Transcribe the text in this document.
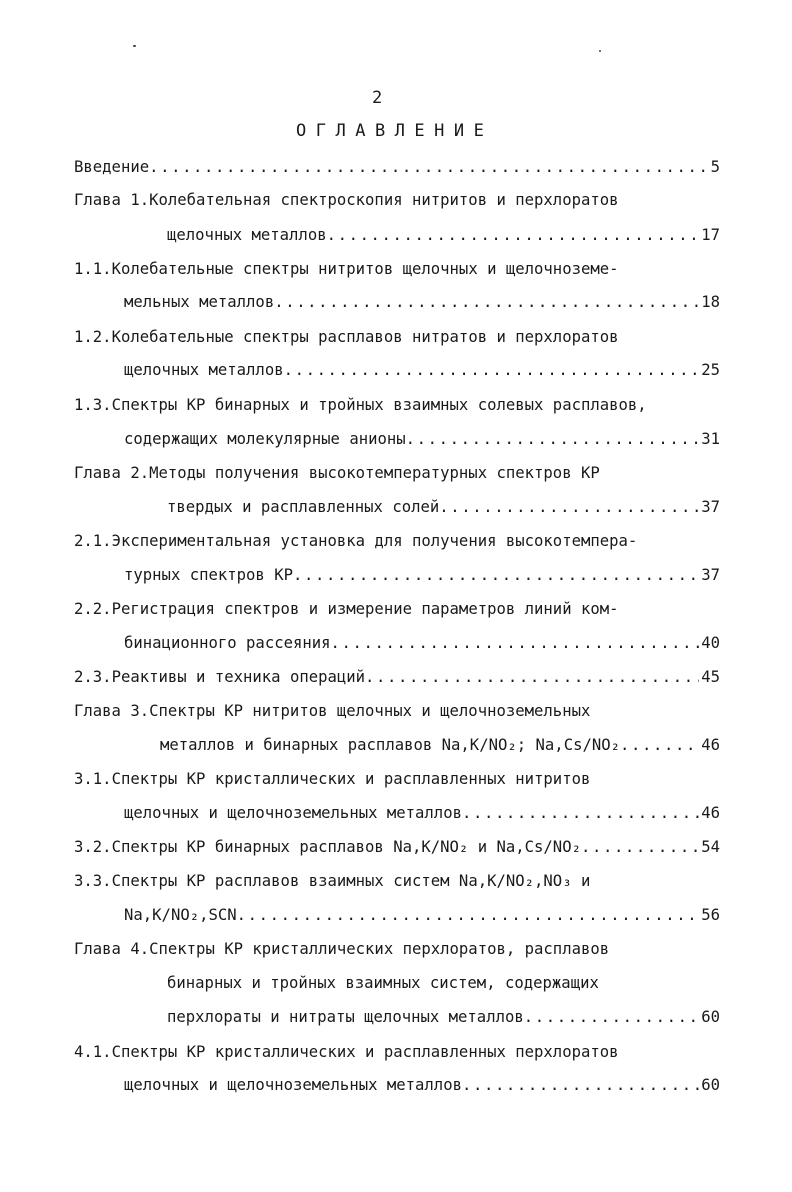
2
ОГЛАВЛЕНИЕ
Введение .....	5
Глава 1. Колебательная спектроскопия нитритов и перхлоратов
щелочных металлов .....	17
1.1. Колебательные спектры нитритов щелочных и щелочноземе-
мельных металлов .....	18
1.2. Колебательные спектры расплавов нитратов и перхлоратов
щелочных металлов .....	25
1.3. Спектры КР бинарных и тройных взаимных солевых расплавов,
содержащих молекулярные анионы .....	31
Глава 2. Методы получения высокотемпературных спектров КР
твердых и расплавленных солей .....	37
2.1. Экспериментальная установка для получения высокотемпера-
турных спектров КР .....	37
2.2. Регистрация спектров и измерение параметров линий ком-
бинационного рассеяния .....	40
2.3. Реактивы и техника операций .....	45
Глава 3. Спектры КР нитритов щелочных и щелочноземельных
металлов и бинарных расплавов Na,K/NO₂; Na,Cs/NO₂ .....	46
3.1. Спектры КР кристаллических и расплавленных нитритов
щелочных и щелочноземельных металлов .....	46
3.2. Спектры КР бинарных расплавов Na,K/NO₂ и Na,Cs/NO₂ .....	54
3.3. Спектры КР расплавов взаимных систем Na,K/NO₂,NO₃ и
Na,K/NO₂,SCN .....	56
Глава 4. Спектры КР кристаллических перхлоратов, расплавов
бинарных и тройных взаимных систем, содержащих
перхлораты и нитраты щелочных металлов .....	60
4.1. Спектры КР кристаллических и расплавленных перхлоратов
щелочных и щелочноземельных металлов .....	60
